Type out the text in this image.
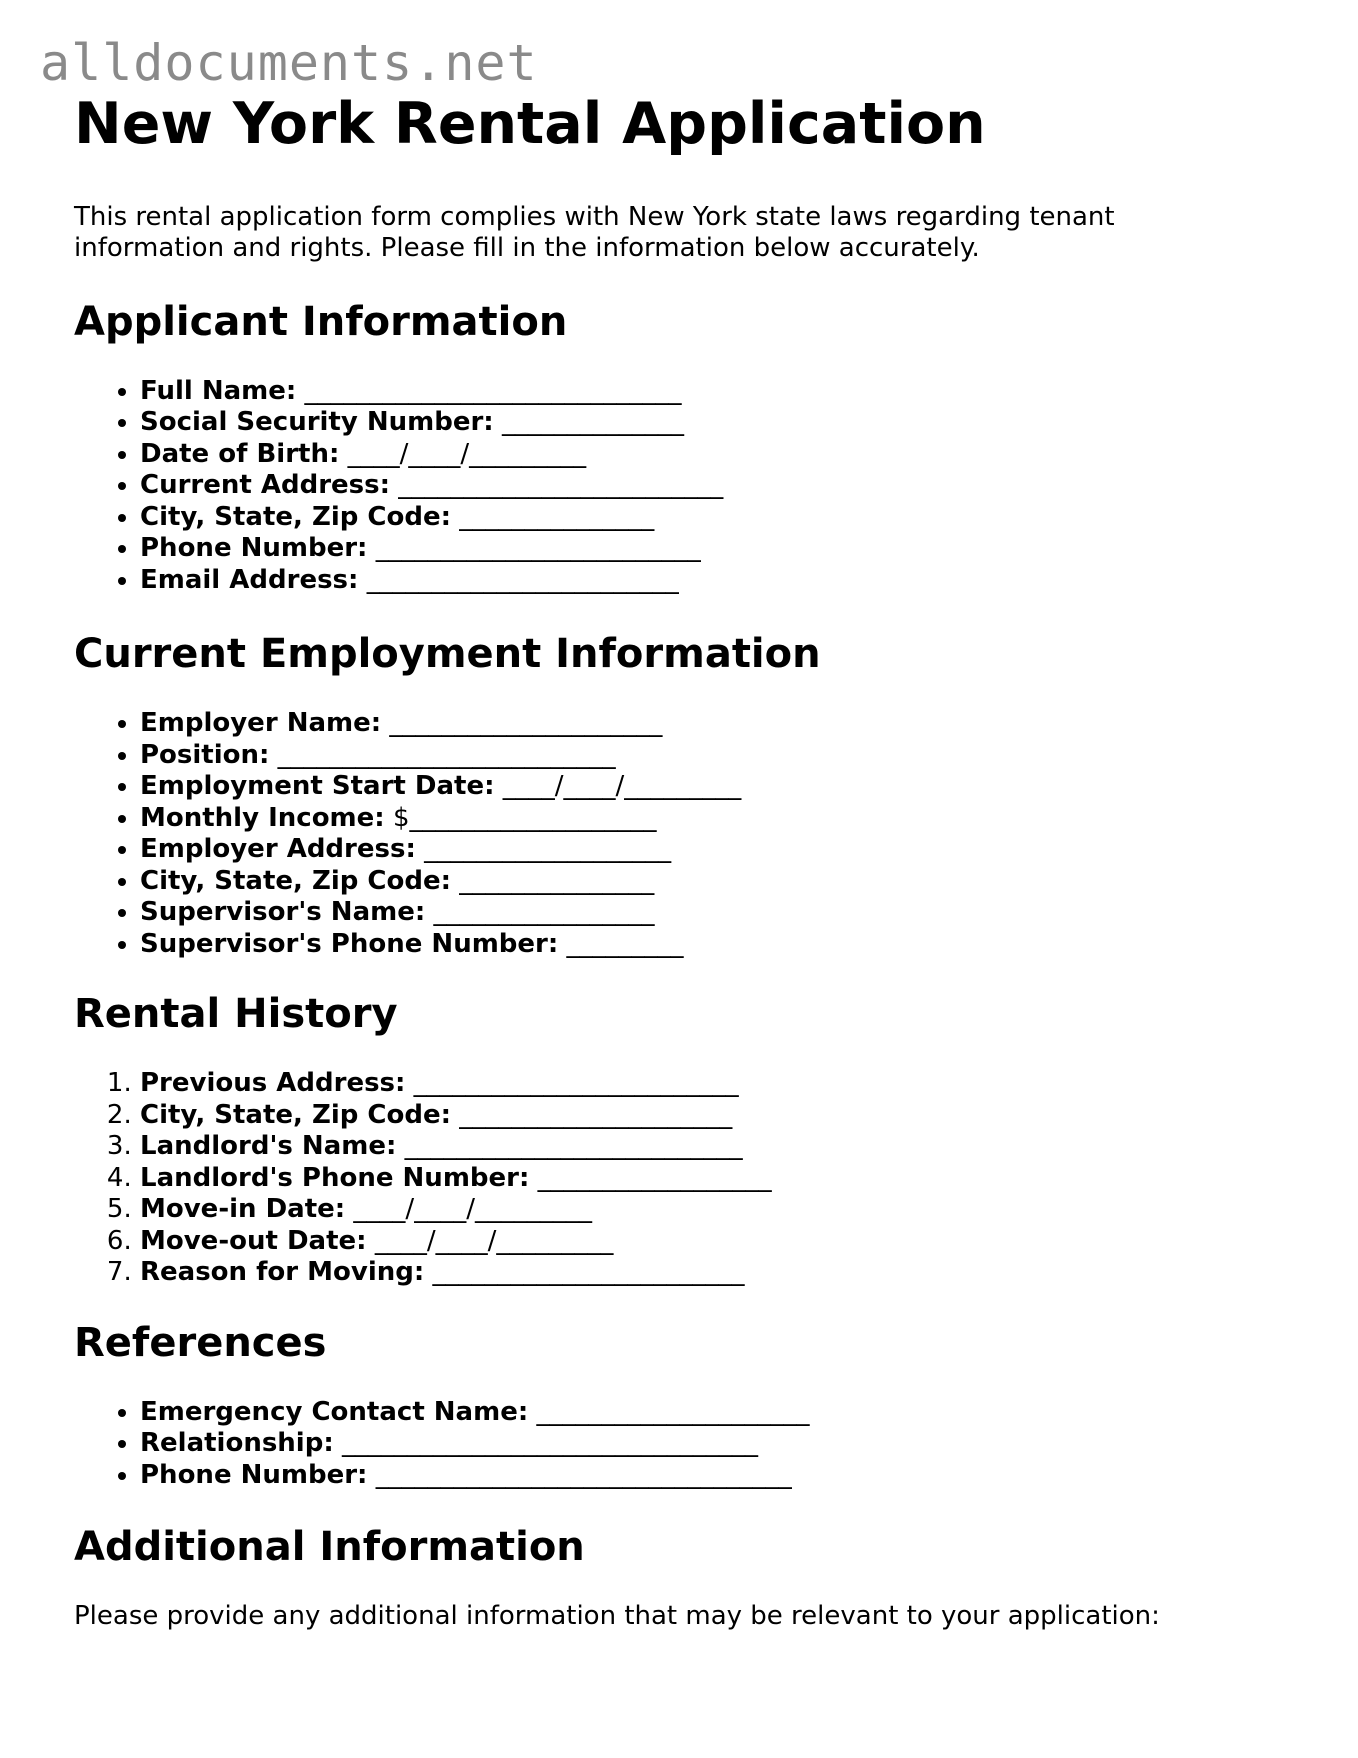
alldocuments.net
New York Rental Application

This rental application form complies with New York state laws regarding tenant information and rights. Please fill in the information below accurately.

Applicant Information
• Full Name: _____________________________
• Social Security Number: ______________
• Date of Birth: ____/____/_________
• Current Address: _________________________
• City, State, Zip Code: _______________
• Phone Number: _________________________
• Email Address: ________________________
Current Employment Information
• Employer Name: _____________________
• Position: __________________________
• Employment Start Date: ____/____/_________
• Monthly Income: $___________________
• Employer Address: ___________________
• City, State, Zip Code: _______________
• Supervisor's Name: _________________
• Supervisor's Phone Number: _________
Rental History
1. Previous Address: _________________________
2. City, State, Zip Code: _____________________
3. Landlord's Name: __________________________
4. Landlord's Phone Number: __________________
5. Move-in Date: ____/____/_________
6. Move-out Date: ____/____/_________
7. Reason for Moving: ________________________
References
• Emergency Contact Name: _____________________
• Relationship: ________________________________
• Phone Number: ________________________________
Additional Information

Please provide any additional information that may be relevant to your application:
